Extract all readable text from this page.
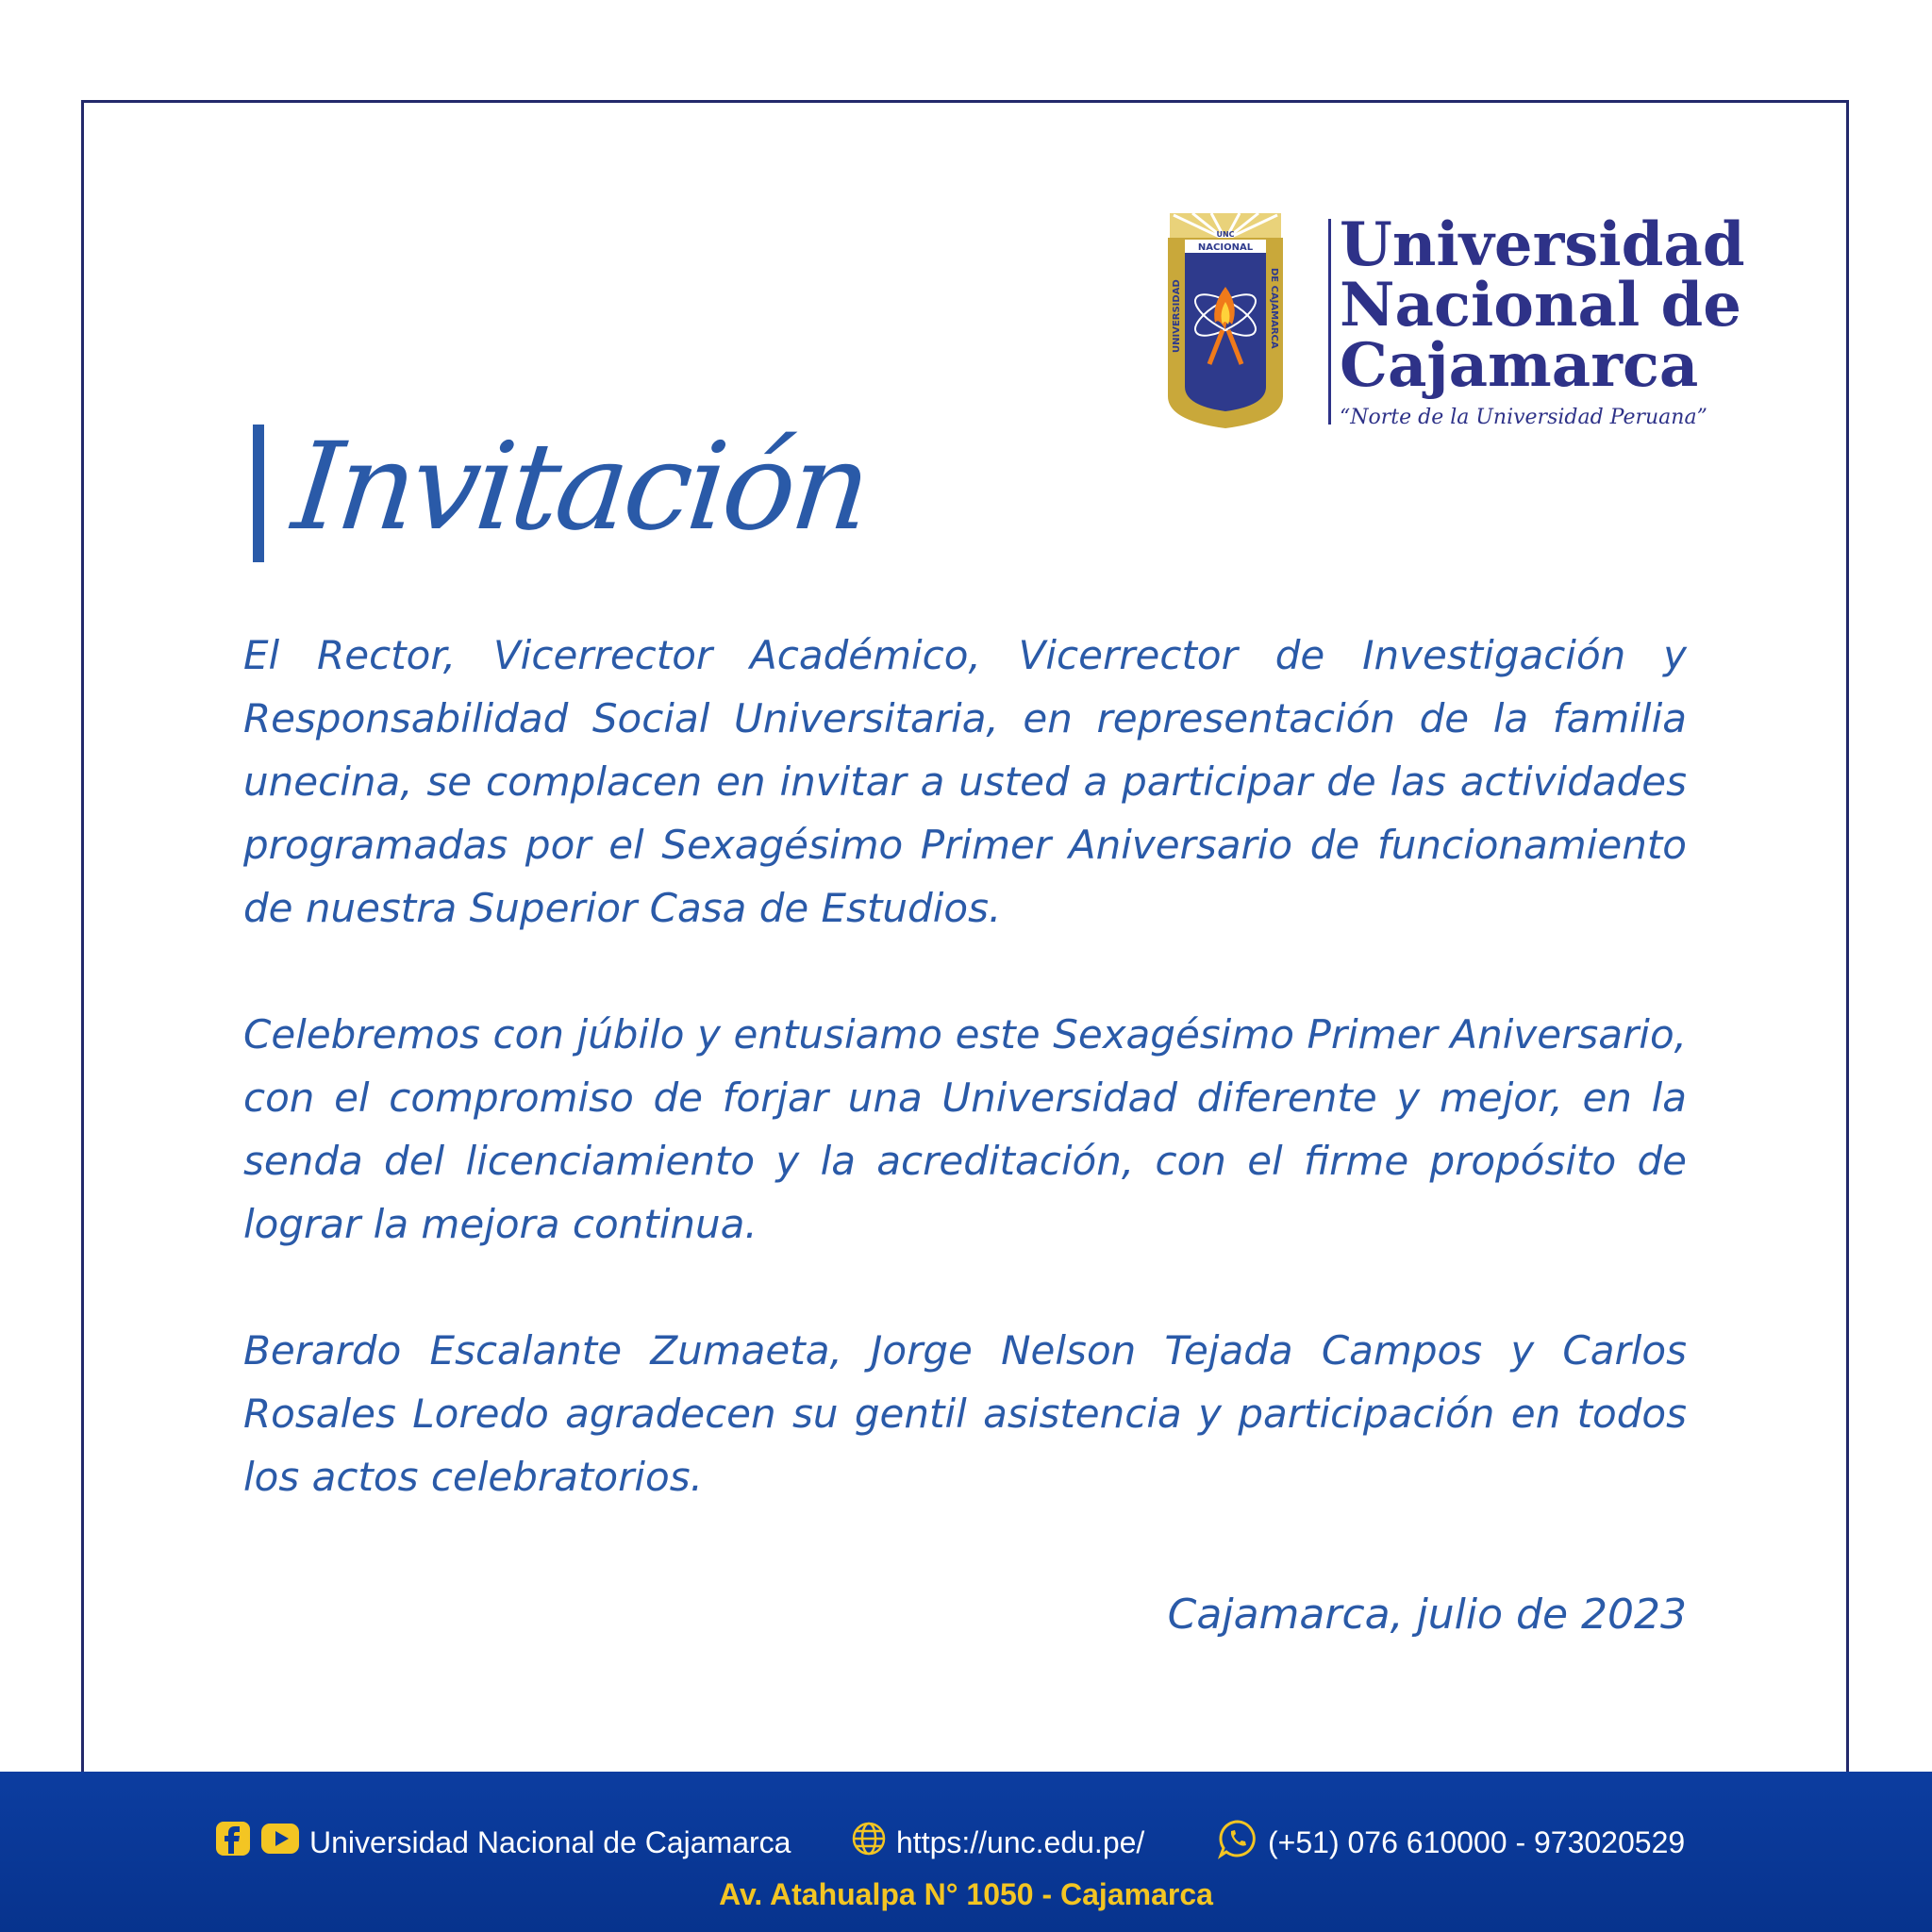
NACIONAL
UNC
UNIVERSIDAD	DE CAJAMARCA
Universidad
Nacional de
Cajamarca
“Norte de la Universidad Peruana”
Invitación

El Rector, Vicerrector Académico, Vicerrector de Investigación y Responsabilidad Social Universitaria, en representación de la familia unecina, se complacen en invitar a usted a participar de las actividades programadas por el Sexagésimo Primer Aniversario de funcionamiento de nuestra Superior Casa de Estudios.

Celebremos con júbilo y entusiamo este Sexagésimo Primer Aniversario, con el compromiso de forjar una Universidad diferente y mejor, en la senda del licenciamiento y la acreditación, con el firme propósito de lograr la mejora continua.

Berardo Escalante Zumaeta, Jorge Nelson Tejada Campos y Carlos Rosales Loredo agradecen su gentil asistencia y participación en todos los actos celebratorios.

Cajamarca, julio de 2023
Universidad Nacional de Cajamarca	https://unc.edu.pe/	(+51) 076 610000 - 973020529
Av. Atahualpa N° 1050 - Cajamarca
